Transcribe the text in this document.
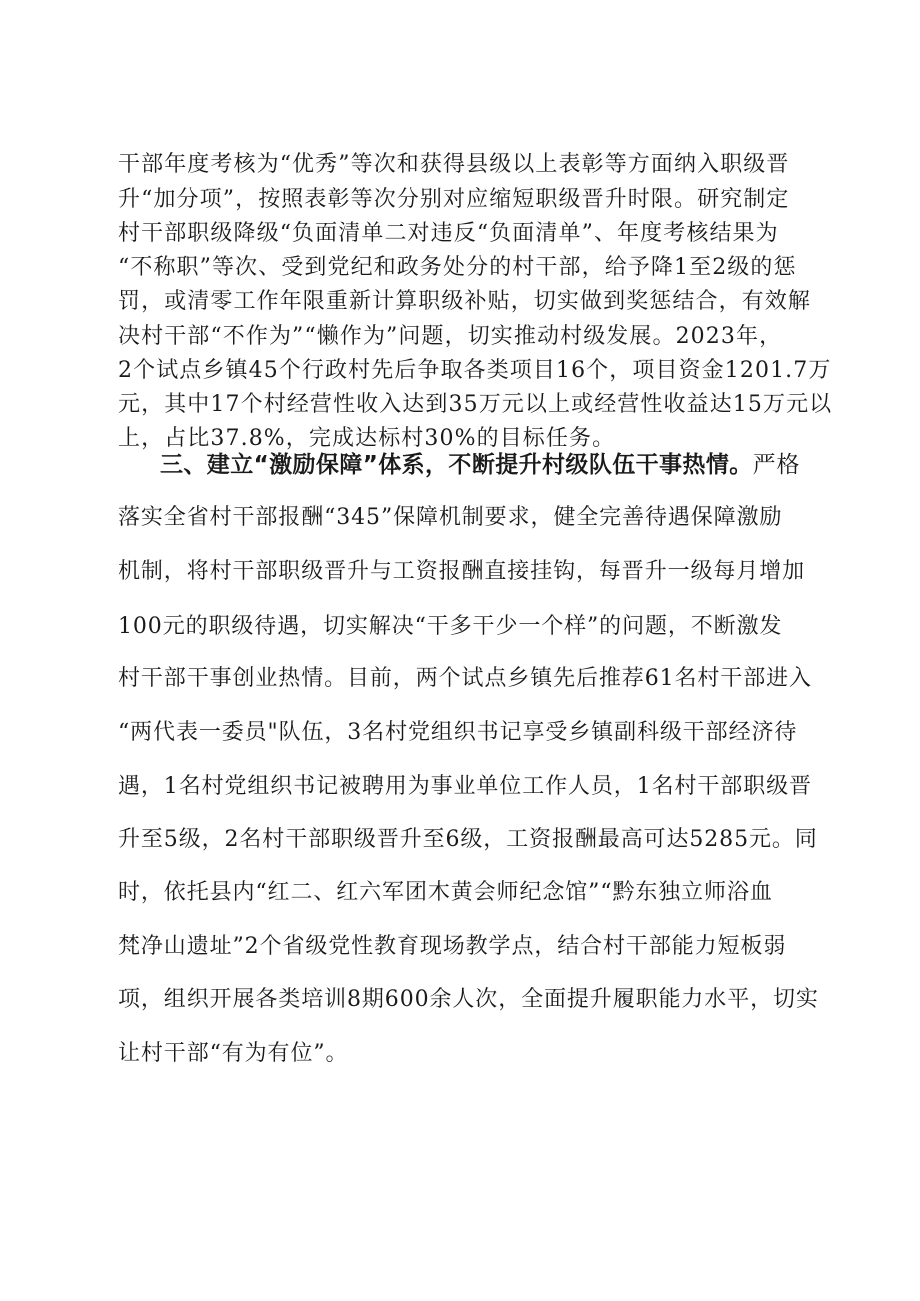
干部年度考核为“优秀”等次和获得县级以上表彰等方面纳入职级晋
升“加分项”，按照表彰等次分别对应缩短职级晋升时限。研究制定
村干部职级降级“负面清单二对违反“负面清单”、年度考核结果为
“不称职”等次、受到党纪和政务处分的村干部，给予降1至2级的惩
罚，或清零工作年限重新计算职级补贴，切实做到奖惩结合，有效解
决村干部“不作为”“懒作为”问题，切实推动村级发展。2023年，
2个试点乡镇45个行政村先后争取各类项目16个，项目资金1201.7万
元，其中17个村经营性收入达到35万元以上或经营性收益达15万元以
上，占比37.8%，完成达标村30%的目标任务。
三、建立“激励保障”体系，不断提升村级队伍干事热情。严格
落实全省村干部报酬“345”保障机制要求，健全完善待遇保障激励
机制，将村干部职级晋升与工资报酬直接挂钩，每晋升一级每月增加
100元的职级待遇，切实解决“干多干少一个样”的问题，不断激发
村干部干事创业热情。目前，两个试点乡镇先后推荐61名村干部进入
“两代表一委员"队伍，3名村党组织书记享受乡镇副科级干部经济待
遇，1名村党组织书记被聘用为事业单位工作人员，1名村干部职级晋
升至5级，2名村干部职级晋升至6级，工资报酬最高可达5285元。同
时，依托县内“红二、红六军团木黄会师纪念馆”“黔东独立师浴血
梵净山遗址”2个省级党性教育现场教学点，结合村干部能力短板弱
项，组织开展各类培训8期600余人次，全面提升履职能力水平，切实
让村干部“有为有位”。
